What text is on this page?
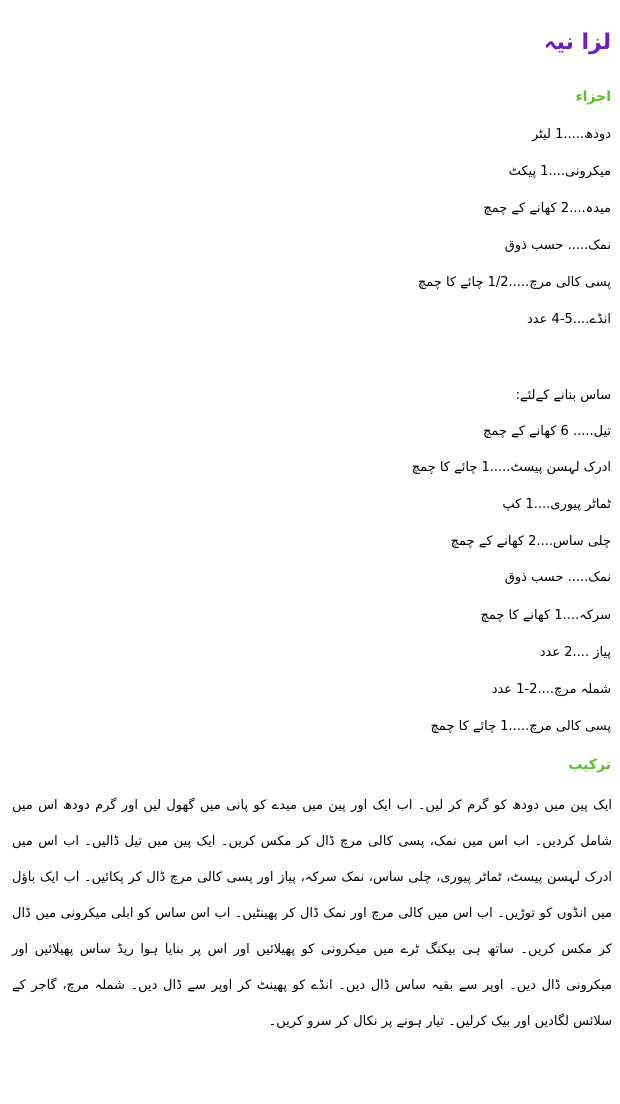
لزا نیہ
اجزاء
دودھ.....1 لیٹر
میکرونی....1 پیکٹ
میدہ....2 کھانے کے چمچ
نمک..... حسب ذوق
پسی کالی مرچ.....1/2 چائے کا چمچ
انڈے....5-4 عدد
ساس بنانے کےلئے:
تیل..... 6 کھانے کے چمچ
ادرک لہسن پیسٹ.....1 چائے کا چمچ
ٹماٹر پیوری....1 کپ
چلی ساس....2 کھانے کے چمچ
نمک..... حسب ذوق
سرکہ....1 کھانے کا چمچ
پیاز ....2 عدد
شملہ مرچ....2-1 عدد
پسی کالی مرچ.....1 چائے کا چمچ
ترکیب
ایک پین میں دودھ کو گرم کر لیں۔ اب ایک اور پین میں میدے کو پانی میں گھول لیں اور گرم دودھ اس میں شامل کردیں۔ اب اس میں نمک، پسی کالی مرچ ڈال کر مکس کریں۔ ایک پین میں تیل ڈالیں۔ اب اس میں ادرک لہسن پیسٹ، ٹماٹر پیوری، چلی ساس، نمک سرکہ، پیاز اور پسی کالی مرچ ڈال کر پکائیں۔ اب ایک باؤل میں انڈوں کو توڑیں۔ اب اس میں کالی مرچ اور نمک ڈال کر پھینٹیں۔ اب اس ساس کو ابلی میکرونی میں ڈال کر مکس کریں۔ ساتھ ہی بیکنگ ٹرے میں میکرونی کو پھیلائیں اور اس پر بنایا ہوا ریڈ ساس پھیلائیں اور میکرونی ڈال دیں۔ اوپر سے بقیہ ساس ڈال دیں۔ انڈے کو پھینٹ کر اوپر سے ڈال دیں۔ شملہ مرچ، گاجر کے سلائس لگادیں اور بیک کرلیں۔ تیار ہونے پر نکال کر سرو کریں۔
